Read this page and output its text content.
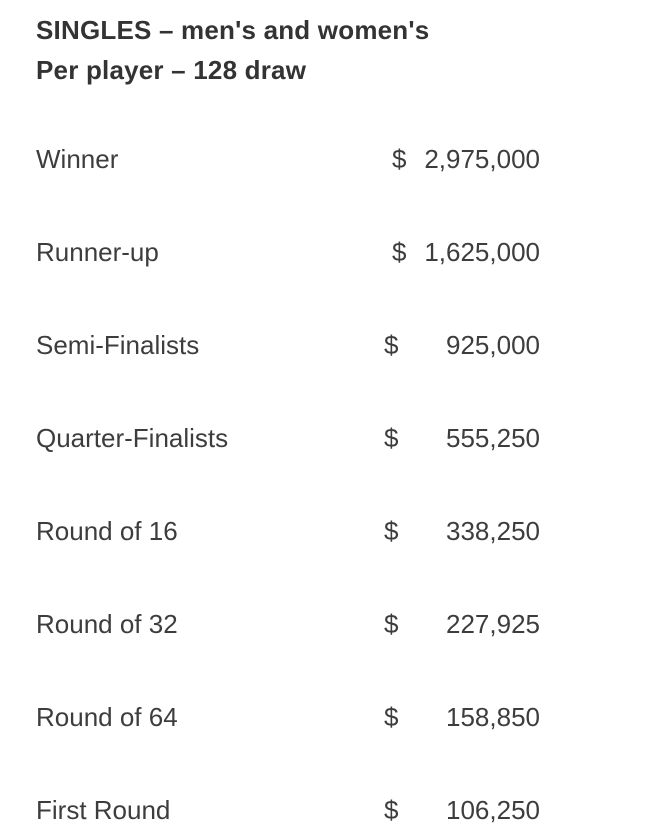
SINGLES – men's and women's
Per player – 128 draw
Winner	$ 2,975,000
Runner-up	$ 1,625,000
Semi-Finalists	$ 925,000
Quarter-Finalists	$ 555,250
Round of 16	$ 338,250
Round of 32	$ 227,925
Round of 64	$ 158,850
First Round	$ 106,250
